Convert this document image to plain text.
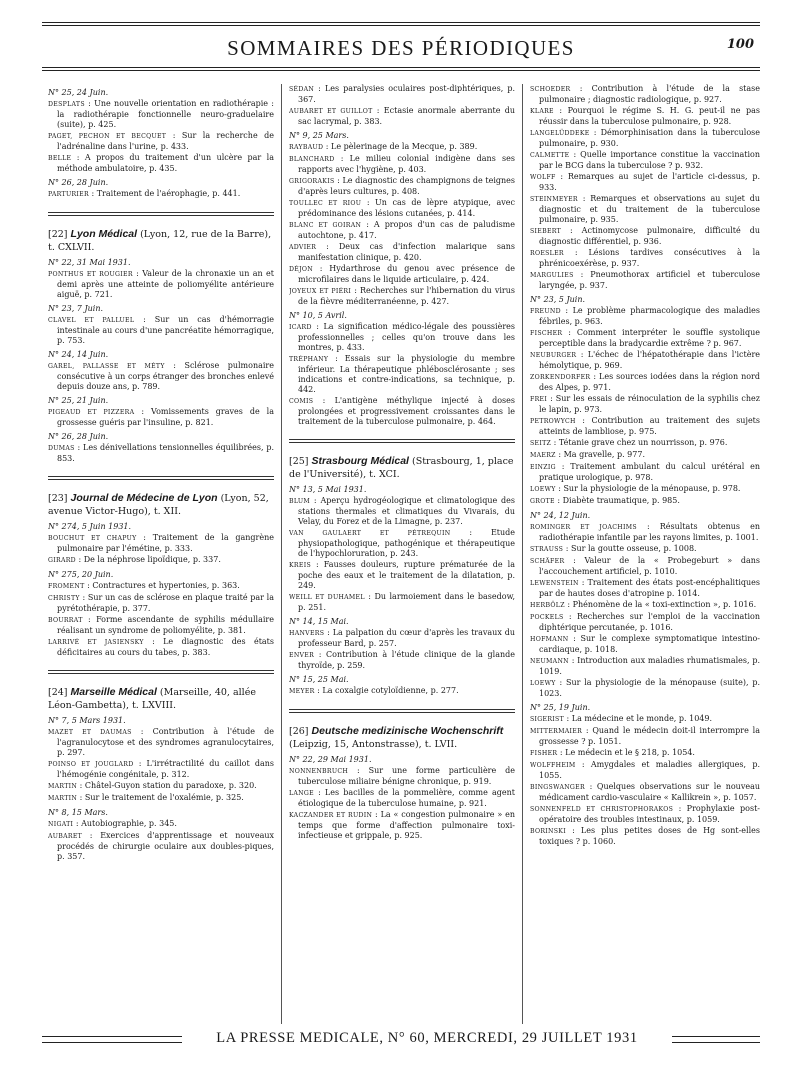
SOMMAIRES DES PÉRIODIQUES	100
N° 25, 24 Juin.
DESPLATS : Une nouvelle orientation en radiothérapie : la radiothérapie fonctionnelle neuro-graduelaire (suite), p. 425.
PAGET, PECHON ET BECQUET : Sur la recherche de l'adrénaline dans l'urine, p. 433.
BELLE : A propos du traitement d'un ulcère par la méthode ambulatoire, p. 435.
N° 26, 28 Juin.
PARTURIER : Traitement de l'aérophagie, p. 441.
[22] Lyon Médical (Lyon, 12, rue de la Barre), t. CXLVII.
N° 22, 31 Mai 1931.
PONTHUS ET ROUGIER : Valeur de la chronaxie un an et demi après une atteinte de poliomyélite antérieure aiguë, p. 721.
N° 23, 7 Juin.
CLAVEL ET PALLUEL : Sur un cas d'hémorragie intestinale au cours d'une pancréatite hémorragique, p. 753.
N° 24, 14 Juin.
GAREL, PALLASSE ET MÉTY : Sclérose pulmonaire consécutive à un corps étranger des bronches enlevé depuis douze ans, p. 789.
N° 25, 21 Juin.
PIGEAUD ET PIZZERA : Vomissements graves de la grossesse guéris par l'insuline, p. 821.
N° 26, 28 Juin.
DUMAS : Les dénivellations tensionnelles équilibrées, p. 853.
[23] Journal de Médecine de Lyon (Lyon, 52, avenue Victor-Hugo), t. XII.
N° 274, 5 Juin 1931.
BOUCHUT ET CHAPUY : Traitement de la gangrène pulmonaire par l'émétine, p. 333.
GIRARD : De la néphrose lipoïdique, p. 337.
N° 275, 20 Juin.
FROMENT : Contractures et hypertonies, p. 363.
CHRISTY : Sur un cas de sclérose en plaque traité par la pyrétothérapie, p. 377.
BOURRAT : Forme ascendante de syphilis médullaire réalisant un syndrome de poliomyélite, p. 381.
LARRIVÉ ET JASIENSKY : Le diagnostic des états déficitaires au cours du tabes, p. 383.
[24] Marseille Médical (Marseille, 40, allée Léon-Gambetta), t. LXVIII.
N° 7, 5 Mars 1931.
MAZET ET DAUMAS : Contribution à l'étude de l'agranulocytose et des syndromes agranulocytaires, p. 297.
POINSO ET JOUGLARD : L'irrétractilité du caillot dans l'hémogénie congénitale, p. 312.
MARTIN : Châtel-Guyon station du paradoxe, p. 320.
MARTIN : Sur le traitement de l'oxalémie, p. 325.
N° 8, 15 Mars.
NIGATI : Autobiographie, p. 345.
AUBARET : Exercices d'apprentissage et nouveaux procédés de chirurgie oculaire aux doubles-piques, p. 357.
SÉDAN : Les paralysies oculaires post-diphtériques, p. 367.
AUBARET ET GUILLOT : Ectasie anormale aberrante du sac lacrymal, p. 383.
N° 9, 25 Mars.
RAYBAUD : Le pèlerinage de la Mecque, p. 389.
BLANCHARD : Le milieu colonial indigène dans ses rapports avec l'hygiène, p. 403.
GRIGORAKIS : Le diagnostic des champignons de teignes d'après leurs cultures, p. 408.
TOULLEC ET RIOU : Un cas de lèpre atypique, avec prédominance des lésions cutanées, p. 414.
BLANC ET GOIRAN : A propos d'un cas de paludisme autochtone, p. 417.
ADVIER : Deux cas d'infection malarique sans manifestation clinique, p. 420.
DÉJON : Hydarthrose du genou avec présence de microfilaires dans le liquide articulaire, p. 424.
JOYEUX ET PIÉRI : Recherches sur l'hibernation du virus de la fièvre méditerranéenne, p. 427.
N° 10, 5 Avril.
ICARD : La signification médico-légale des poussières professionnelles ; celles qu'on trouve dans les montres, p. 433.
TRÉPHANY : Essais sur la physiologie du membre inférieur. La thérapeutique phlébosclérosante ; ses indications et contre-indications, sa technique, p. 442.
COMIS : L'antigène méthylique injecté à doses prolongées et progressivement croissantes dans le traitement de la tuberculose pulmonaire, p. 464.
[25] Strasbourg Médical (Strasbourg, 1, place de l'Université), t. XCI.
N° 13, 5 Mai 1931.
BLUM : Aperçu hydrogéologique et climatologique des stations thermales et climatiques du Vivarais, du Velay, du Forez et de la Limagne, p. 237.
VAN GAULAERT ET PÉTREQUIN : Etude physiopathologique, pathogénique et thérapeutique de l'hypochloruration, p. 243.
KREIS : Fausses douleurs, rupture prématurée de la poche des eaux et le traitement de la dilatation, p. 249.
WEILL ET DUHAMEL : Du larmoiement dans le basedow, p. 251.
N° 14, 15 Mai.
HANVERS : La palpation du cœur d'après les travaux du professeur Bard, p. 257.
ENVER : Contribution à l'étude clinique de la glande thyroïde, p. 259.
N° 15, 25 Mai.
MEYER : La coxalgie cotyloïdienne, p. 277.
[26] Deutsche medizinische Wochenschrift (Leipzig, 15, Antonstrasse), t. LVII.
N° 22, 29 Mai 1931.
NONNENBRUCH : Sur une forme particulière de tuberculose miliaire bénigne chronique, p. 919.
LANGE : Les bacilles de la pommelière, comme agent étiologique de la tuberculose humaine, p. 921.
KACZANDER ET RUDIN : La « congestion pulmonaire » en temps que forme d'affection pulmonaire toxi-infectieuse et grippale, p. 925.
SCHOEDER : Contribution à l'étude de la stase pulmonaire ; diagnostic radiologique, p. 927.
KLARE : Pourquoi le régime S. H. G. peut-il ne pas réussir dans la tuberculose pulmonaire, p. 928.
LANGELÜDDEKE : Démorphinisation dans la tuberculose pulmonaire, p. 930.
CALMETTE : Quelle importance constitue la vaccination par le BCG dans la tuberculose ? p. 932.
WOLFF : Remarques au sujet de l'article ci-dessus, p. 933.
STEINMEYER : Remarques et observations au sujet du diagnostic et du traitement de la tuberculose pulmonaire, p. 935.
SIEBERT : Actinomycose pulmonaire, difficulté du diagnostic différentiel, p. 936.
ROESLER : Lésions tardives consécutives à la phrénicoexérèse, p. 937.
MARGULIES : Pneumothorax artificiel et tuberculose laryngée, p. 937.
N° 23, 5 Juin.
FREUND : Le problème pharmacologique des maladies fébriles, p. 963.
FISCHER : Comment interpréter le souffle systolique perceptible dans la bradycardie extrême ? p. 967.
NEUBURGER : L'échec de l'hépatothérapie dans l'ictère hémolytique, p. 969.
ZORKENDORFER : Les sources iodées dans la région nord des Alpes, p. 971.
FREI : Sur les essais de réinoculation de la syphilis chez le lapin, p. 973.
PETROWYCH : Contribution au traitement des sujets atteints de lambliose, p. 975.
SEITZ : Tétanie grave chez un nourrisson, p. 976.
MAERZ : Ma gravelle, p. 977.
EINZIG : Traitement ambulant du calcul urétéral en pratique urologique, p. 978.
LOEWY : Sur la physiologie de la ménopause, p. 978.
GROTE : Diabète traumatique, p. 985.
N° 24, 12 Juin.
ROMINGER ET JOACHIMS : Résultats obtenus en radiothérapie infantile par les rayons limites, p. 1001.
STRAUSS : Sur la goutte osseuse, p. 1008.
SCHÄFER : Valeur de la « Probegeburt » dans l'accouchement artificiel, p. 1010.
LEWENSTEIN : Traitement des états post-encéphalitiques par de hautes doses d'atropine p. 1014.
HERBÖLZ : Phénomène de la « toxi-extinction », p. 1016.
POCKELS : Recherches sur l'emploi de la vaccination diphtérique percutanée, p. 1016.
HOFMANN : Sur le complexe symptomatique intestino-cardiaque, p. 1018.
NEUMANN : Introduction aux maladies rhumatismales, p. 1019.
LOEWY : Sur la physiologie de la ménopause (suite), p. 1023.
N° 25, 19 Juin.
SIGERIST : La médecine et le monde, p. 1049.
MITTERMAIER : Quand le médecin doit-il interrompre la grossesse ? p. 1051.
FISHER : Le médecin et le § 218, p. 1054.
WOLFFHEIM : Amygdales et maladies allergiques, p. 1055.
BINGSWANGER : Quelques observations sur le nouveau médicament cardio-vasculaire « Kallikrein », p. 1057.
SONNENFELD ET CHRISTOPHORAKOS : Prophylaxie post-opératoire des troubles intestinaux, p. 1059.
BORINSKI : Les plus petites doses de Hg sont-elles toxiques ? p. 1060.
LA PRESSE MEDICALE, N° 60, MERCREDI, 29 JUILLET 1931
